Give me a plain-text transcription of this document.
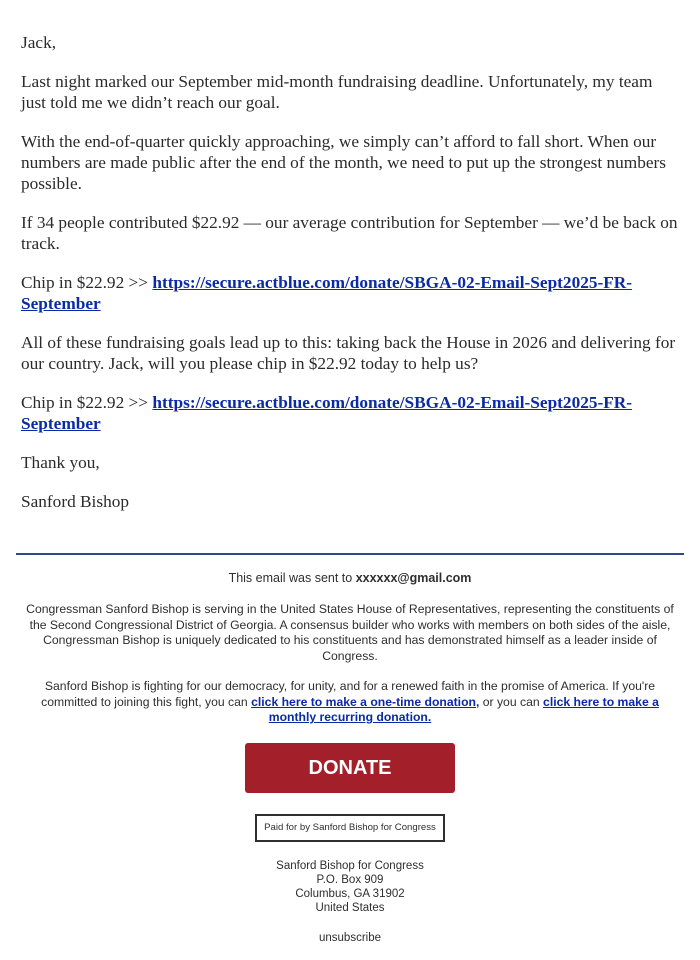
Jack,

Last night marked our September mid-month fundraising deadline. Unfortunately, my team just told me we didn’t reach our goal.

With the end-of-quarter quickly approaching, we simply can’t afford to fall short. When our numbers are made public after the end of the month, we need to put up the strongest numbers possible.

If 34 people contributed $22.92 — our average contribution for September — we’d be back on track.

Chip in $22.92 >> https://secure.actblue.com/donate/SBGA-02-Email-Sept2025-FR-September

All of these fundraising goals lead up to this: taking back the House in 2026 and delivering for our country. Jack, will you please chip in $22.92 today to help us?

Chip in $22.92 >> https://secure.actblue.com/donate/SBGA-02-Email-Sept2025-FR-September

Thank you,

Sanford Bishop

This email was sent to xxxxxx@gmail.com

Congressman Sanford Bishop is serving in the United States House of Representatives, representing the constituents of the Second Congressional District of Georgia. A consensus builder who works with members on both sides of the aisle, Congressman Bishop is uniquely dedicated to his constituents and has demonstrated himself as a leader inside of Congress.

Sanford Bishop is fighting for our democracy, for unity, and for a renewed faith in the promise of America. If you're committed to joining this fight, you can click here to make a one-time donation, or you can click here to make a monthly recurring donation.

DONATE
Paid for by Sanford Bishop for Congress
Sanford Bishop for Congress
P.O. Box 909
Columbus, GA 31902
United States
unsubscribe
